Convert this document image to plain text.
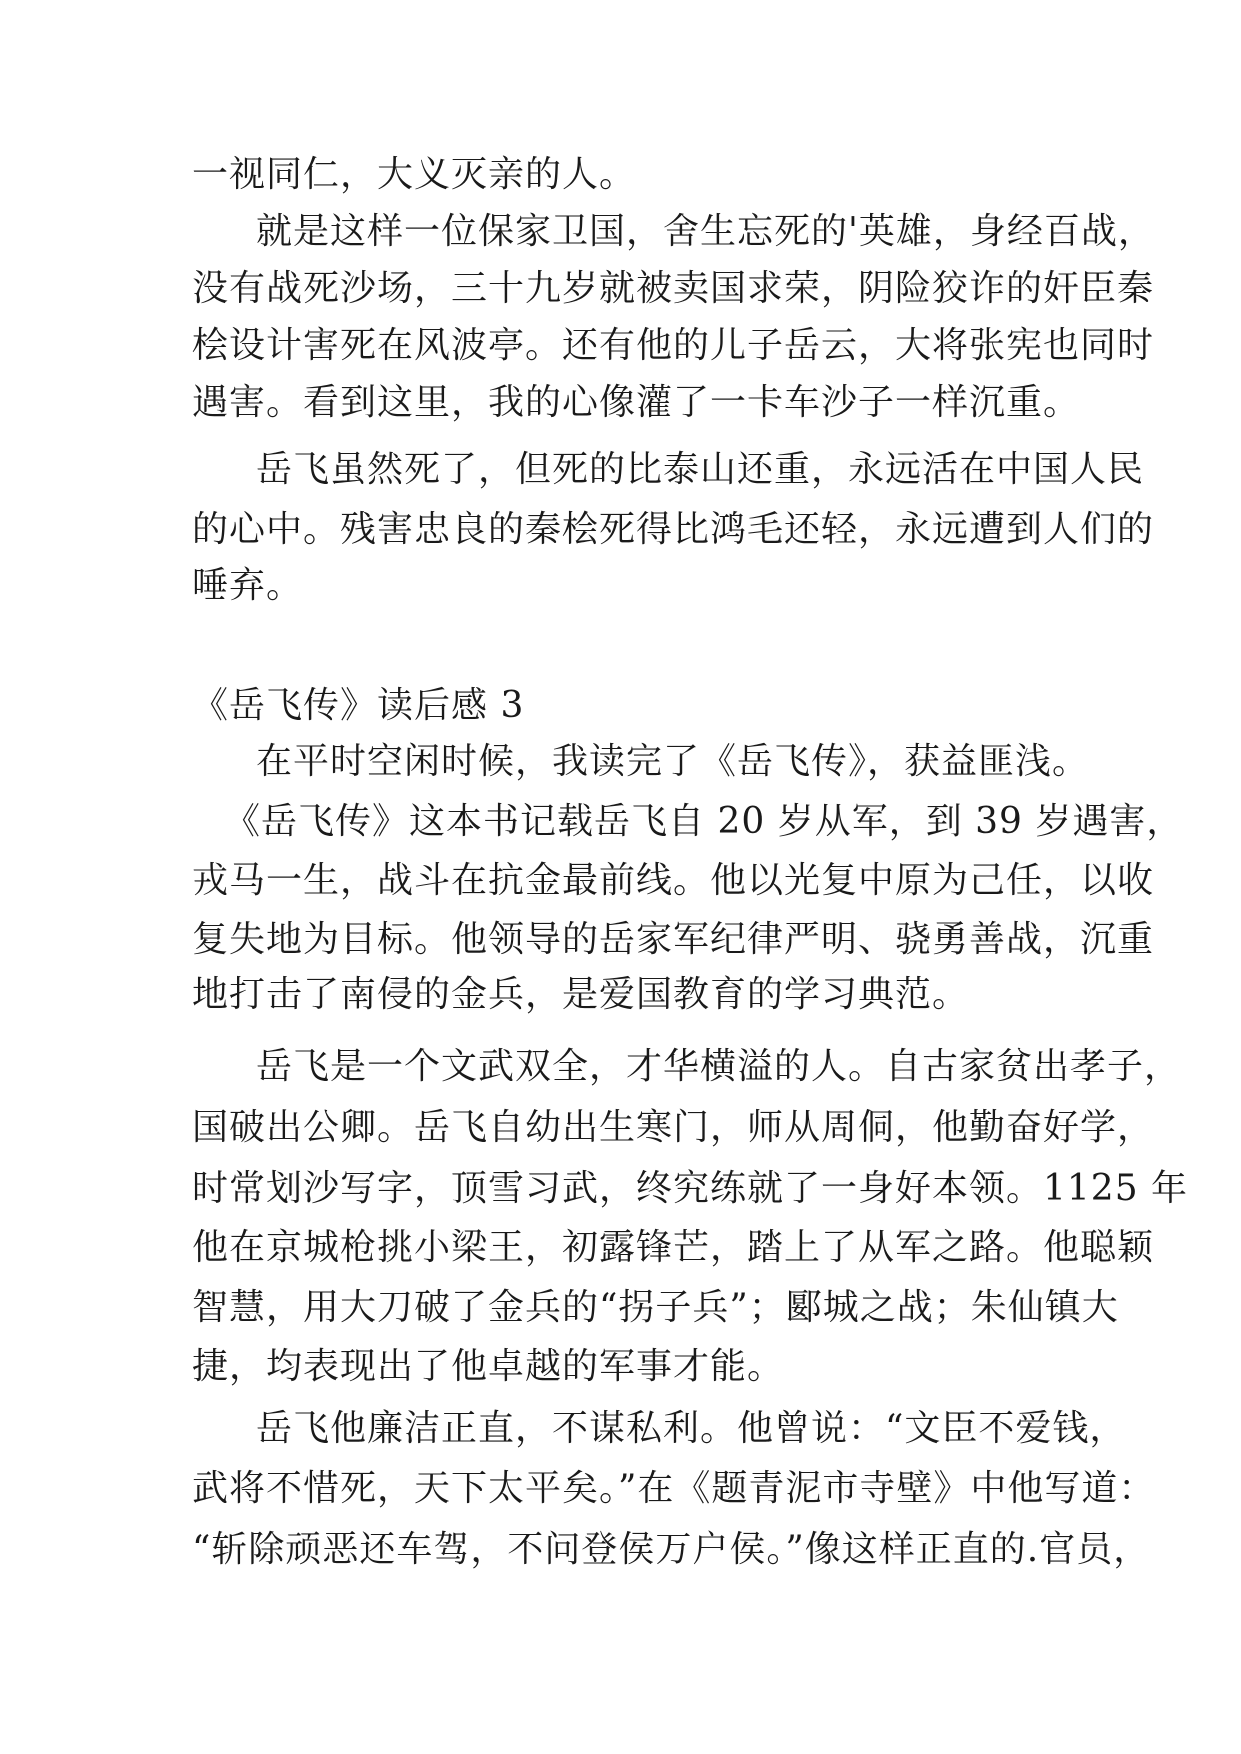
一视同仁，大义灭亲的人。
就是这样一位保家卫国，舍生忘死的'英雄，身经百战，
没有战死沙场，三十九岁就被卖国求荣，阴险狡诈的奸臣秦
桧设计害死在风波亭。还有他的儿子岳云，大将张宪也同时
遇害。看到这里，我的心像灌了一卡车沙子一样沉重。
岳飞虽然死了，但死的比泰山还重，永远活在中国人民
的心中。残害忠良的秦桧死得比鸿毛还轻，永远遭到人们的
唾弃。
《岳飞传》读后感 3
在平时空闲时候，我读完了《岳飞传》，获益匪浅。
《岳飞传》这本书记载岳飞自 20 岁从军，到 39 岁遇害，
戎马一生，战斗在抗金最前线。他以光复中原为己任，以收
复失地为目标。他领导的岳家军纪律严明、骁勇善战，沉重
地打击了南侵的金兵，是爱国教育的学习典范。
岳飞是一个文武双全，才华横溢的人。自古家贫出孝子，
国破出公卿。岳飞自幼出生寒门，师从周侗，他勤奋好学，
时常划沙写字，顶雪习武，终究练就了一身好本领。1125 年
他在京城枪挑小梁王，初露锋芒，踏上了从军之路。他聪颖
智慧，用大刀破了金兵的“拐子兵”；郾城之战；朱仙镇大
捷，均表现出了他卓越的军事才能。
岳飞他廉洁正直，不谋私利。他曾说：“文臣不爱钱，
武将不惜死，天下太平矣。”在《题青泥市寺壁》中他写道：
“斩除顽恶还车驾，不问登侯万户侯。”像这样正直的.官员，
